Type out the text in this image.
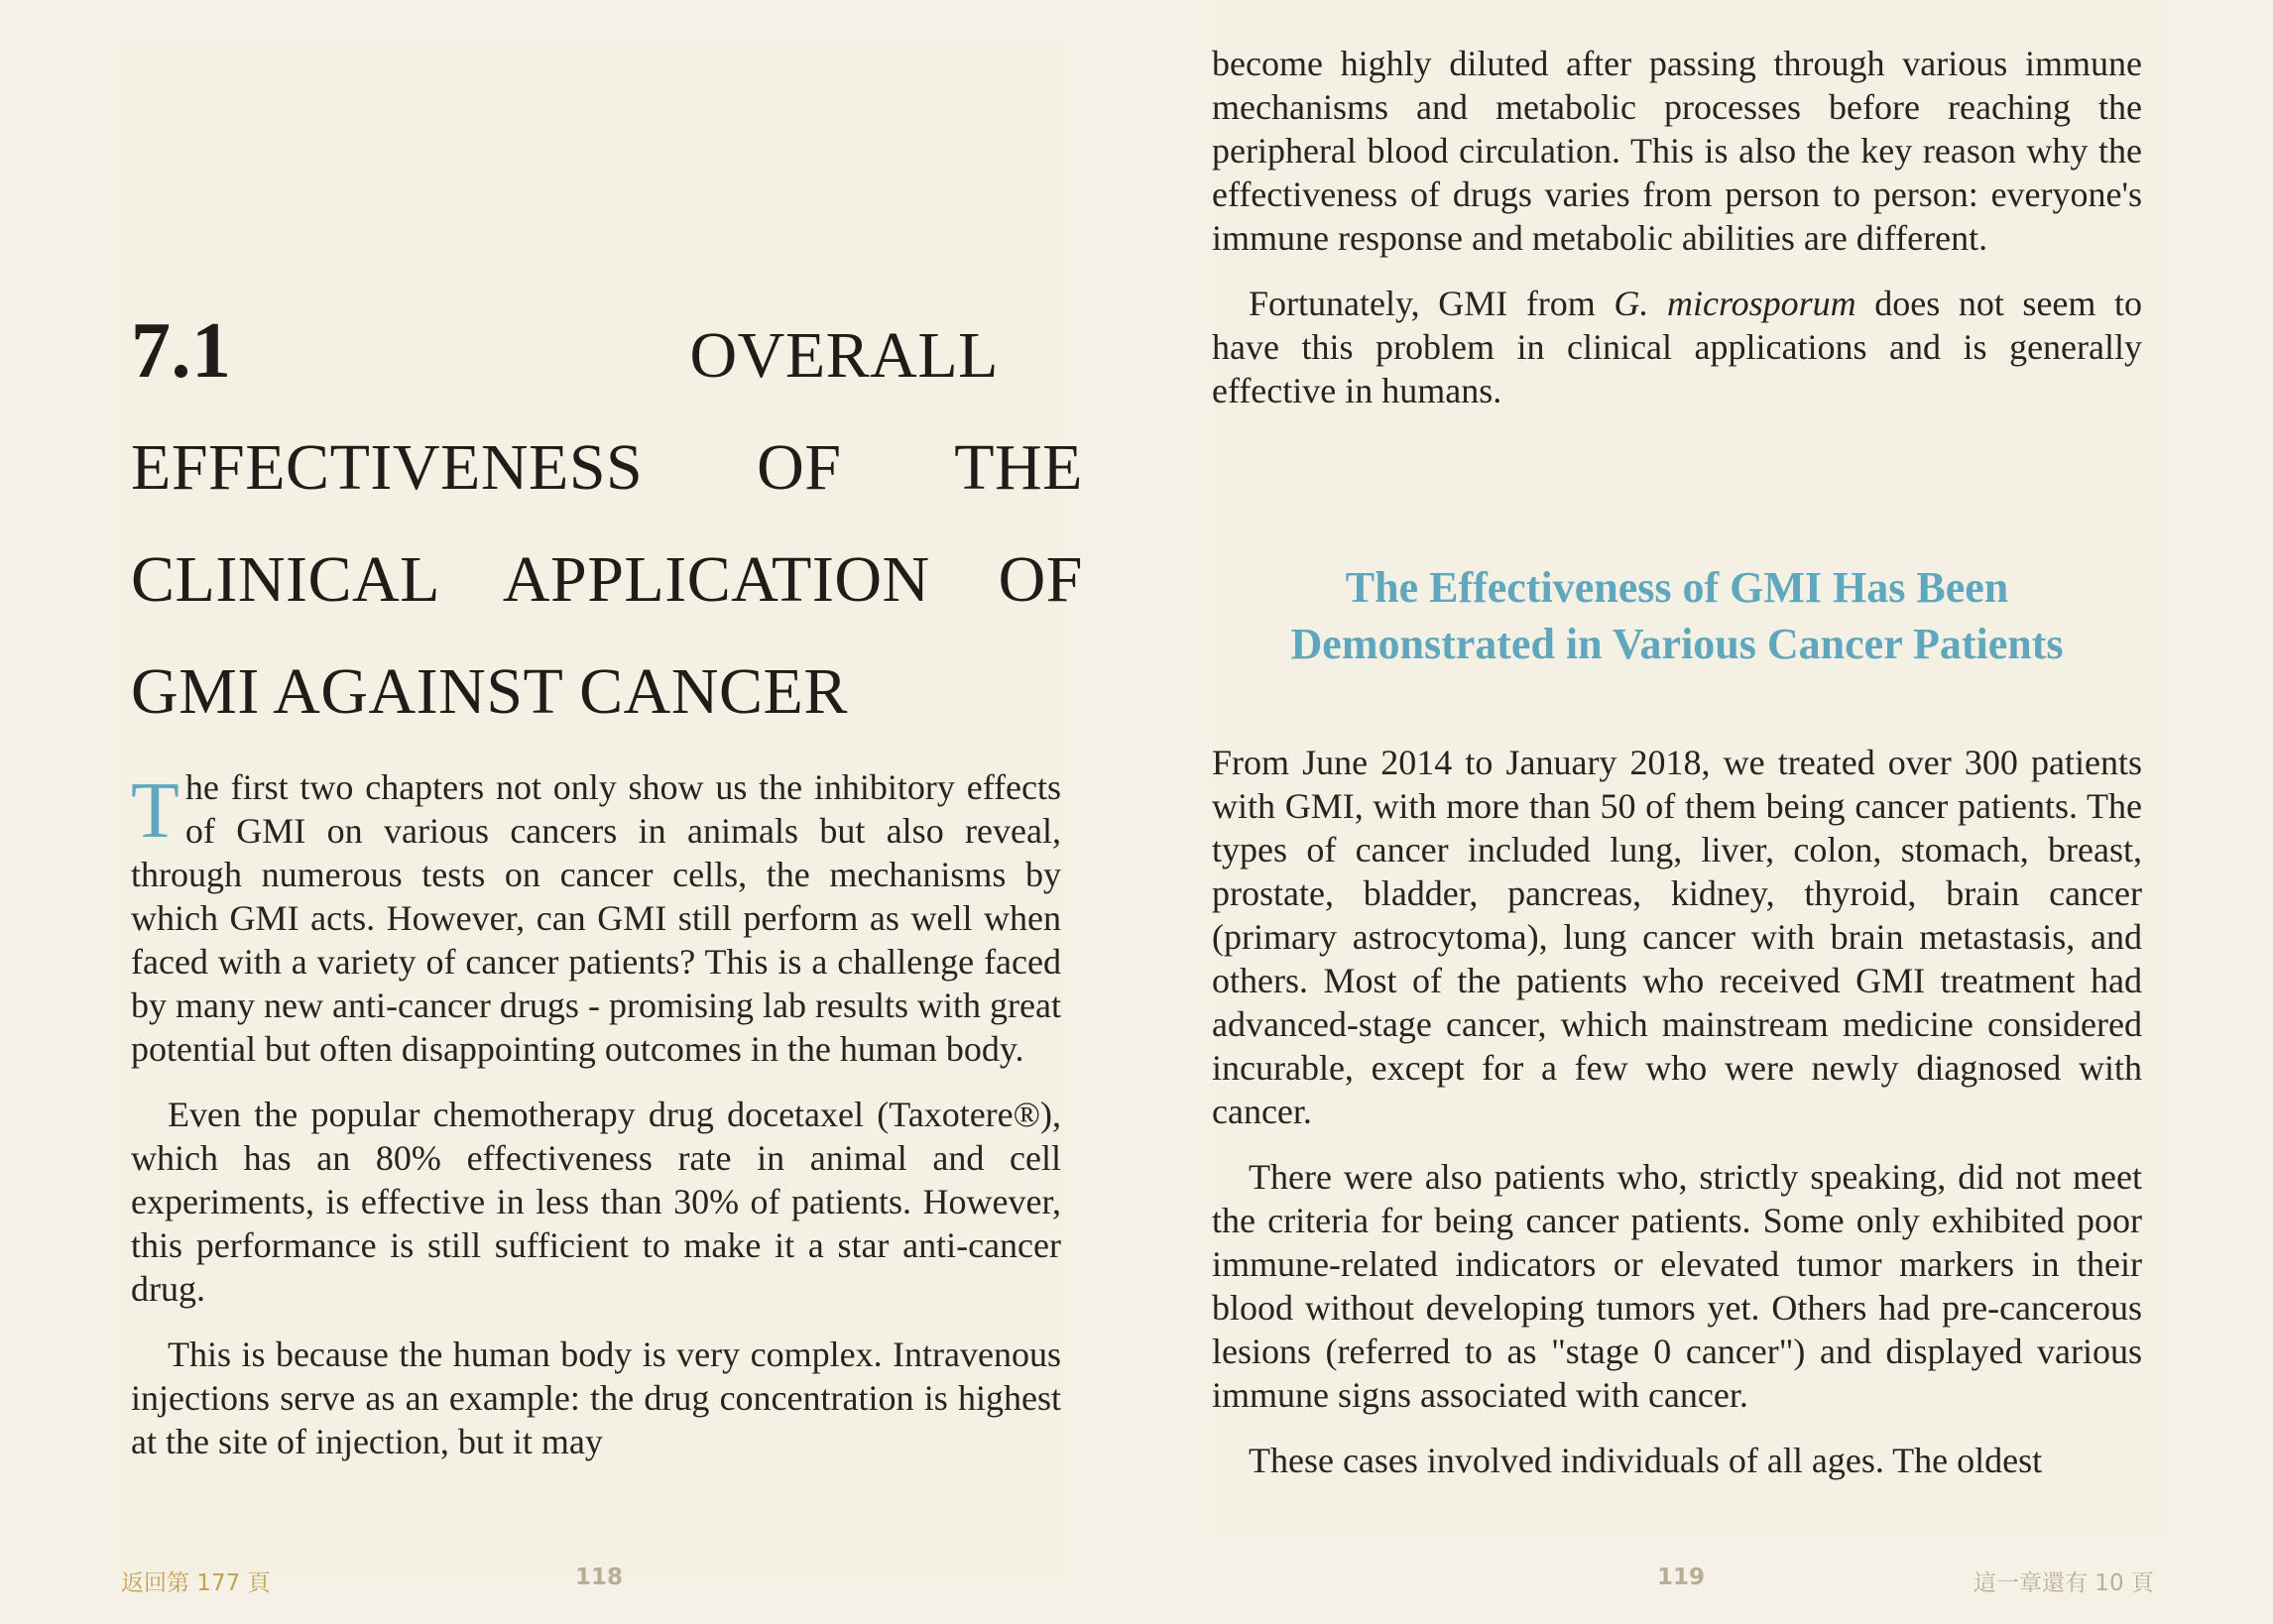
7.1	OVERALL EFFECTIVENESS OF THE CLINICAL APPLICATION OF GMI AGAINST CANCER

The first two chapters not only show us the inhibitory effects of GMI on various cancers in animals but also reveal, through numerous tests on cancer cells, the mechanisms by which GMI acts. However, can GMI still perform as well when faced with a variety of cancer patients? This is a challenge faced by many new anti-cancer drugs - promising lab results with great potential but often disappointing outcomes in the human body.

Even the popular chemotherapy drug docetaxel (Taxotere®), which has an 80% effectiveness rate in animal and cell experiments, is effective in less than 30% of patients. However, this performance is still sufficient to make it a star anti-cancer drug.

This is because the human body is very complex. Intravenous injections serve as an example: the drug concentration is highest at the site of injection, but it may

become highly diluted after passing through various immune mechanisms and metabolic processes before reaching the peripheral blood circulation. This is also the key reason why the effectiveness of drugs varies from person to person: everyone's immune response and metabolic abilities are different.

Fortunately, GMI from G. microsporum does not seem to have this problem in clinical applications and is generally effective in humans.

The Effectiveness of GMI Has Been
Demonstrated in Various Cancer Patients

From June 2014 to January 2018, we treated over 300 patients with GMI, with more than 50 of them being cancer patients. The types of cancer included lung, liver, colon, stomach, breast, prostate, bladder, pancreas, kidney, thyroid, brain cancer (primary astrocytoma), lung cancer with brain metastasis, and others. Most of the patients who received GMI treatment had advanced-stage cancer, which mainstream medicine considered incurable, except for a few who were newly diagnosed with cancer.

There were also patients who, strictly speaking, did not meet the criteria for being cancer patients. Some only exhibited poor immune-related indicators or elevated tumor markers in their blood without developing tumors yet. Others had pre-cancerous lesions (referred to as "stage 0 cancer") and displayed various immune signs associated with cancer.

These cases involved individuals of all ages. The oldest

返回第 177 頁	118	119	這一章還有 10 頁
